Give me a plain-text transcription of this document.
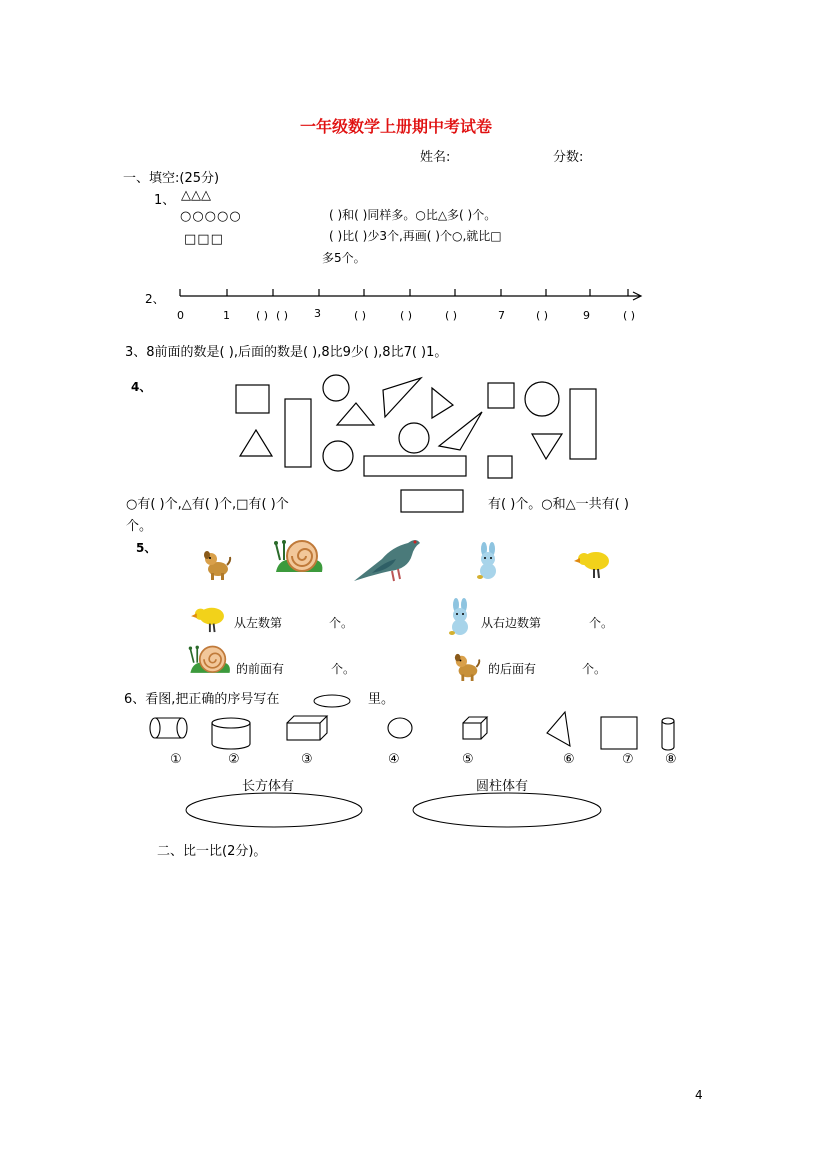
一年级数学上册期中考试卷
姓名:	分数:
一、填空:(25分)
1、 △△△
○○○○○
□□□
( )和( )同样多。○比△多( )个。
( )比( )少3个,再画( )个○,就比□
多5个。
2、
0	1 ( ) ( ) 3	( )	( )	( )	7	( )	9	( )
3、8前面的数是( ),后面的数是( ),8比9少( ),8比7( )1。
4、
○有( )个,△有( )个,□有( )个	有( )个。○和△一共有( )
个。
5、
从左数第	个。	从右边数第	个。
的前面有	个。	的后面有	个。
6、看图,把正确的序号写在	里。
①	②	③	④	⑤	⑥	⑦ ⑧
长方体有	圆柱体有
二、比一比(2分)。
4
